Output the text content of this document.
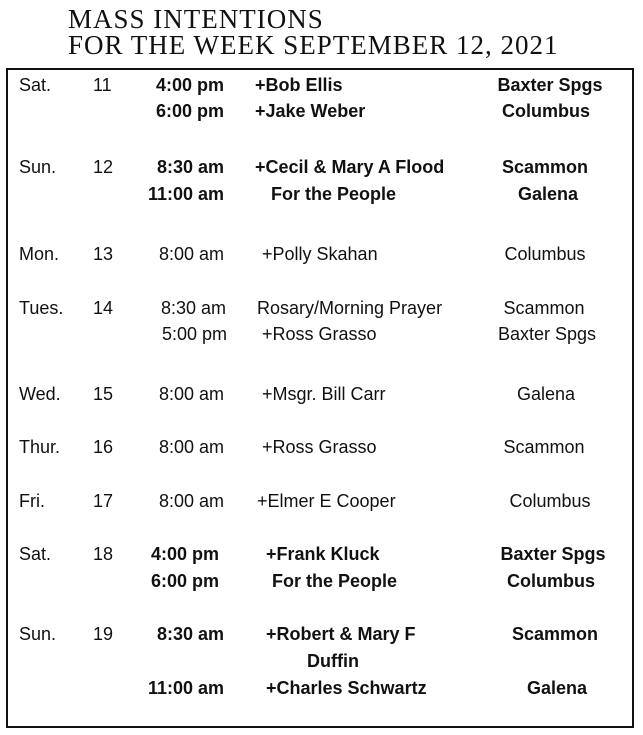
MASS INTENTIONS
FOR THE WEEK SEPTEMBER 12, 2021
Sat. 11	4:00 pm +Bob Ellis	Baxter Spgs
6:00 pm +Jake Weber	Columbus
Sun. 12	8:30 am +Cecil & Mary A Flood	Scammon
11:00 am	For the People	Galena
Mon. 13	8:00 am +Polly Skahan	Columbus
Tues. 14	8:30 am Rosary/Morning Prayer	Scammon
5:00 pm +Ross Grasso	Baxter Spgs
Wed. 15	8:00 am +Msgr. Bill Carr	Galena
Thur. 16	8:00 am +Ross Grasso	Scammon
Fri.	17	8:00 am +Elmer E Cooper	Columbus
Sat. 18	4:00 pm	+Frank Kluck	Baxter Spgs
6:00 pm	For the People	Columbus
Sun. 19	8:30 am +Robert & Mary F	Scammon
Duffin
11:00 am +Charles Schwartz	Galena
